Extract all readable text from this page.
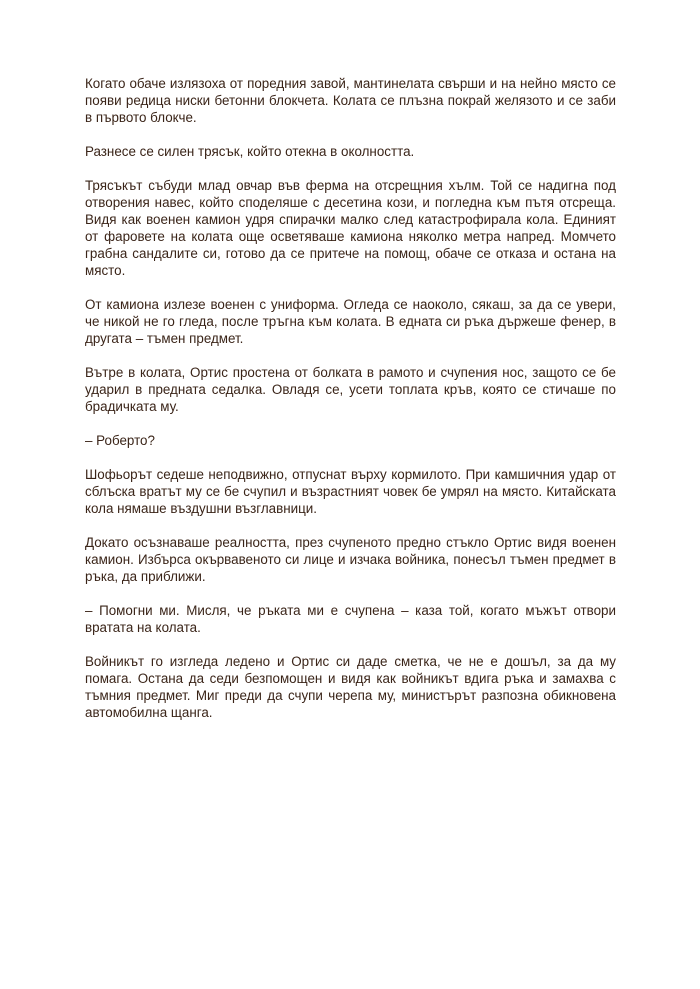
Когато обаче излязоха от поредния завой, мантинелата свърши и на нейно място се появи редица ниски бетонни блокчета. Колата се плъзна покрай желязото и се заби в първото блокче.

Разнесе се силен трясък, който отекна в околността.

Трясъкът събуди млад овчар във ферма на отсрещния хълм. Той се надигна под отворения навес, който споделяше с десетина кози, и погледна към пътя отсреща. Видя как военен камион удря спирачки малко след катастрофирала кола. Единият от фаровете на колата още осветяваше камиона няколко метра напред. Момчето грабна сандалите си, готово да се притече на помощ, обаче се отказа и остана на място.

От камиона излезе военен с униформа. Огледа се наоколо, сякаш, за да се увери, че никой не го гледа, после тръгна към колата. В едната си ръка държеше фенер, в другата – тъмен предмет.

Вътре в колата, Ортис простена от болката в рамото и счупения нос, защото се бе ударил в предната седалка. Овладя се, усети топлата кръв, която се стичаше по брадичката му.

– Роберто?

Шофьорът седеше неподвижно, отпуснат върху кормилото. При камшичния удар от сблъска вратът му се бе счупил и възрастният човек бе умрял на място. Китайската кола нямаше въздушни възглавници.

Докато осъзнаваше реалността, през счупеното предно стъкло Ортис видя военен камион. Избърса окървавеното си лице и изчака войника, понесъл тъмен предмет в ръка, да приближи.

– Помогни ми. Мисля, че ръката ми е счупена – каза той, когато мъжът отвори вратата на колата.

Войникът го изгледа ледено и Ортис си даде сметка, че не е дошъл, за да му помага. Остана да седи безпомощен и видя как войникът вдига ръка и замахва с тъмния предмет. Миг преди да счупи черепа му, министърът разпозна обикновена автомобилна щанга.
